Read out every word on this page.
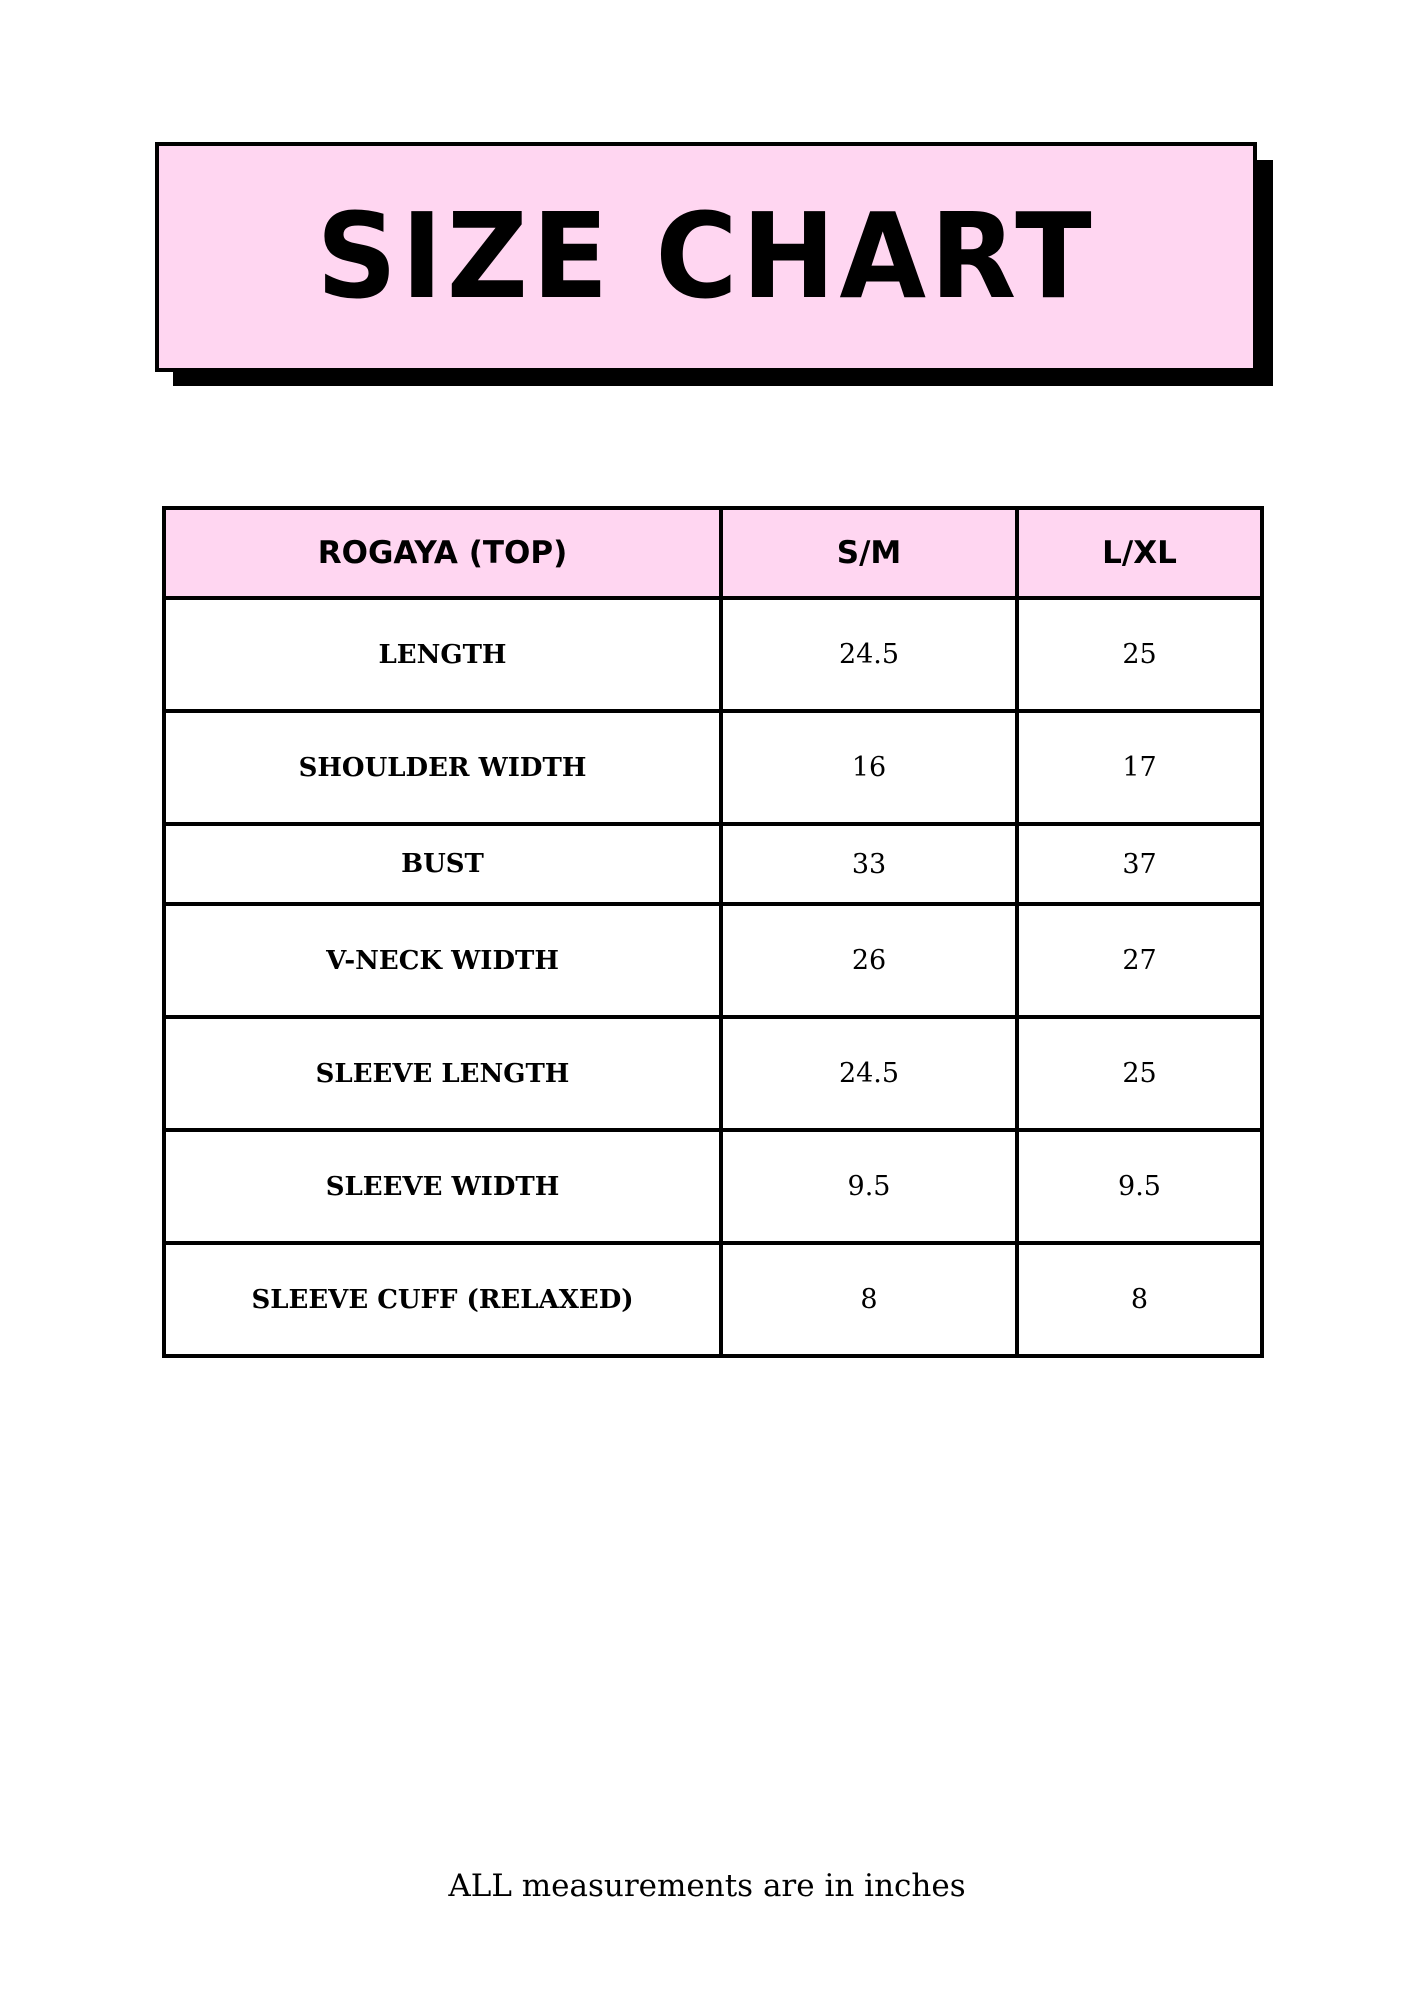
SIZE CHART
ROGAYA (TOP)	S/M	L/XL
LENGTH	24.5	25
SHOULDER WIDTH	16	17
BUST	33	37
V-NECK WIDTH	26	27
SLEEVE LENGTH	24.5	25
SLEEVE WIDTH	9.5	9.5
SLEEVE CUFF (RELAXED)	8	8
ALL measurements are in inches
